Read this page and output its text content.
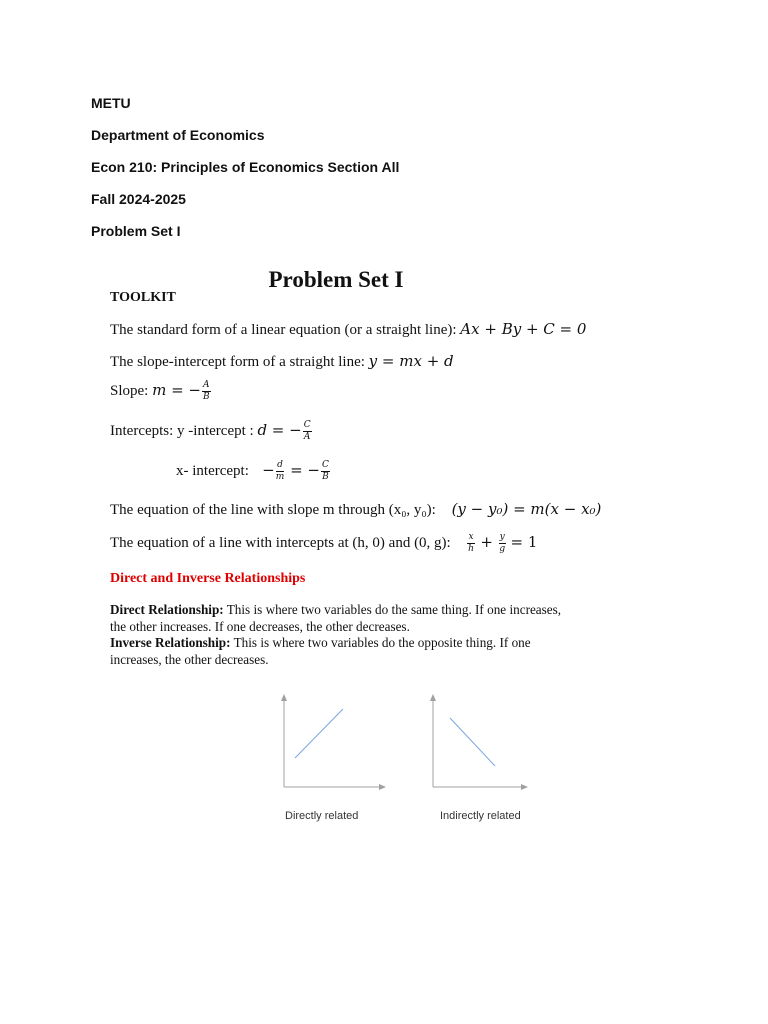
METU

Department of Economics

Econ 210: Principles of Economics Section All

Fall 2024-2025

Problem Set I

Problem Set I
TOOLKIT
The standard form of a linear equation (or a straight line): Ax + By + C = 0
The slope-intercept form of a straight line: y = mx + d
Slope: m = − $\frac{A}{B}$
Intercepts: y -intercept : d = − $\frac{C}{A}$
x- intercept:   − $\frac{d}{m}$ = − $\frac{C}{B}$
The equation of the line with slope m through (x₀, y₀): (y − y₀) = m(x − x₀)
The equation of a line with intercepts at (h, 0) and (0, g): $\frac{x}{h} + \frac{y}{g} = 1$
Direct and Inverse Relationships
Direct Relationship: This is where two variables do the same thing. If one increases, the other increases. If one decreases, the other decreases.
Inverse Relationship: This is where two variables do the opposite thing. If one increases, the other decreases.
Directly related	Indirectly related
